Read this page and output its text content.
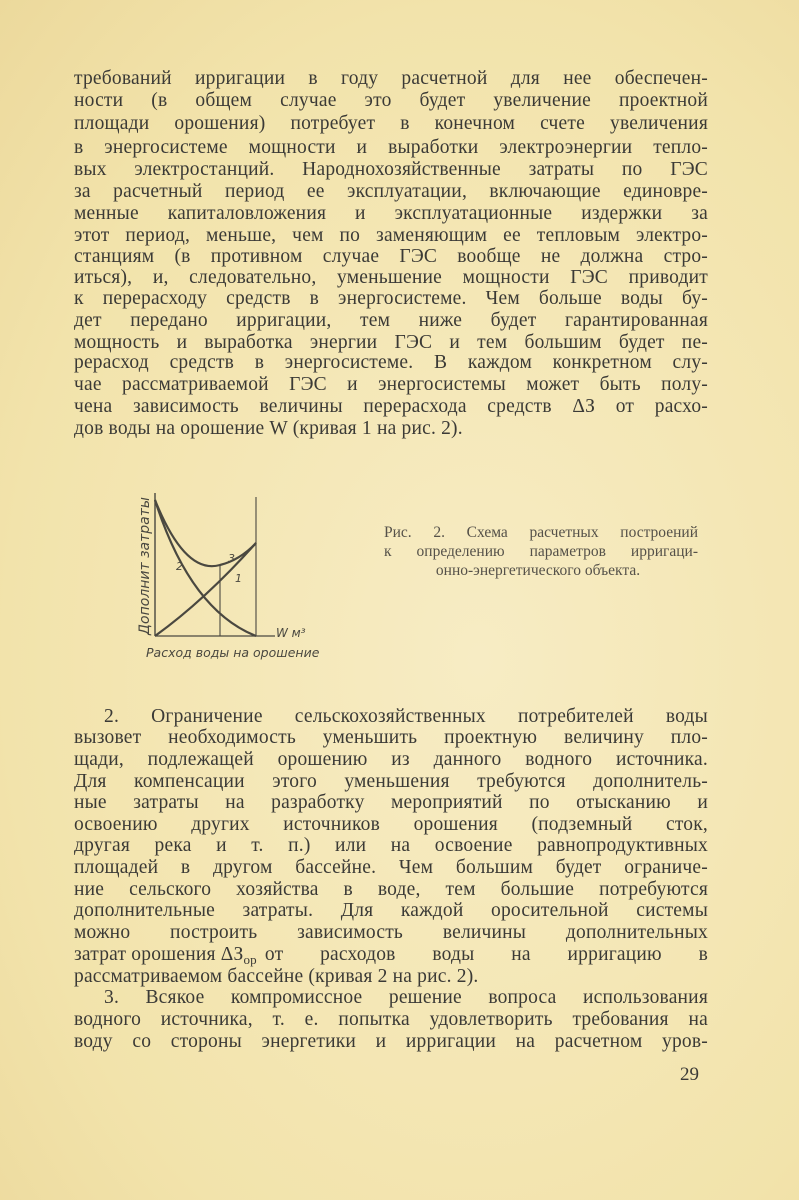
требований ирригации в году расчетной для нее обеспечен-
ности (в общем случае это будет увеличение проектной
площади орошения) потребует в конечном счете увеличения
в энергосистеме мощности и выработки электроэнергии тепло-
вых электростанций. Народнохозяйственные затраты по ГЭС
за расчетный период ее эксплуатации, включающие единовре-
менные капиталовложения и эксплуатационные издержки за
этот период, меньше, чем по заменяющим ее тепловым электро-
станциям (в противном случае ГЭС вообще не должна стро-
иться), и, следовательно, уменьшение мощности ГЭС приводит
к перерасходу средств в энергосистеме. Чем больше воды бу-
дет передано ирригации, тем ниже будет гарантированная
мощность и выработка энергии ГЭС и тем большим будет пе-
рерасход средств в энергосистеме. В каждом конкретном слу-
чае рассматриваемой ГЭС и энергосистемы может быть полу-
чена зависимость величины перерасхода средств ΔЗ от расхо-
дов воды на орошение W (кривая 1 на рис. 2).
2
3
1
W м³
Расход воды на орошение
Дополнит затраты	Рис. 2. Схема расчетных построений
к определению параметров ирригаци-
онно-энергетического объекта.
2. Ограничение сельскохозяйственных потребителей воды
вызовет необходимость уменьшить проектную величину пло-
щади, подлежащей орошению из данного водного источника.
Для компенсации этого уменьшения требуются дополнитель-
ные затраты на разработку мероприятий по отысканию и
освоению других источников орошения (подземный сток,
другая река и т. п.) или на освоение равнопродуктивных
площадей в другом бассейне. Чем большим будет ограниче-
ние сельского хозяйства в воде, тем большие потребуются
дополнительные затраты. Для каждой оросительной системы
можно построить зависимость величины дополнительных
затрат орошения $\Delta З_{ор}$ от расходов воды на ирригацию в
рассматриваемом бассейне (кривая 2 на рис. 2).
3. Всякое компромиссное решение вопроса использования
водного источника, т. е. попытка удовлетворить требования на
воду со стороны энергетики и ирригации на расчетном уров-
29
